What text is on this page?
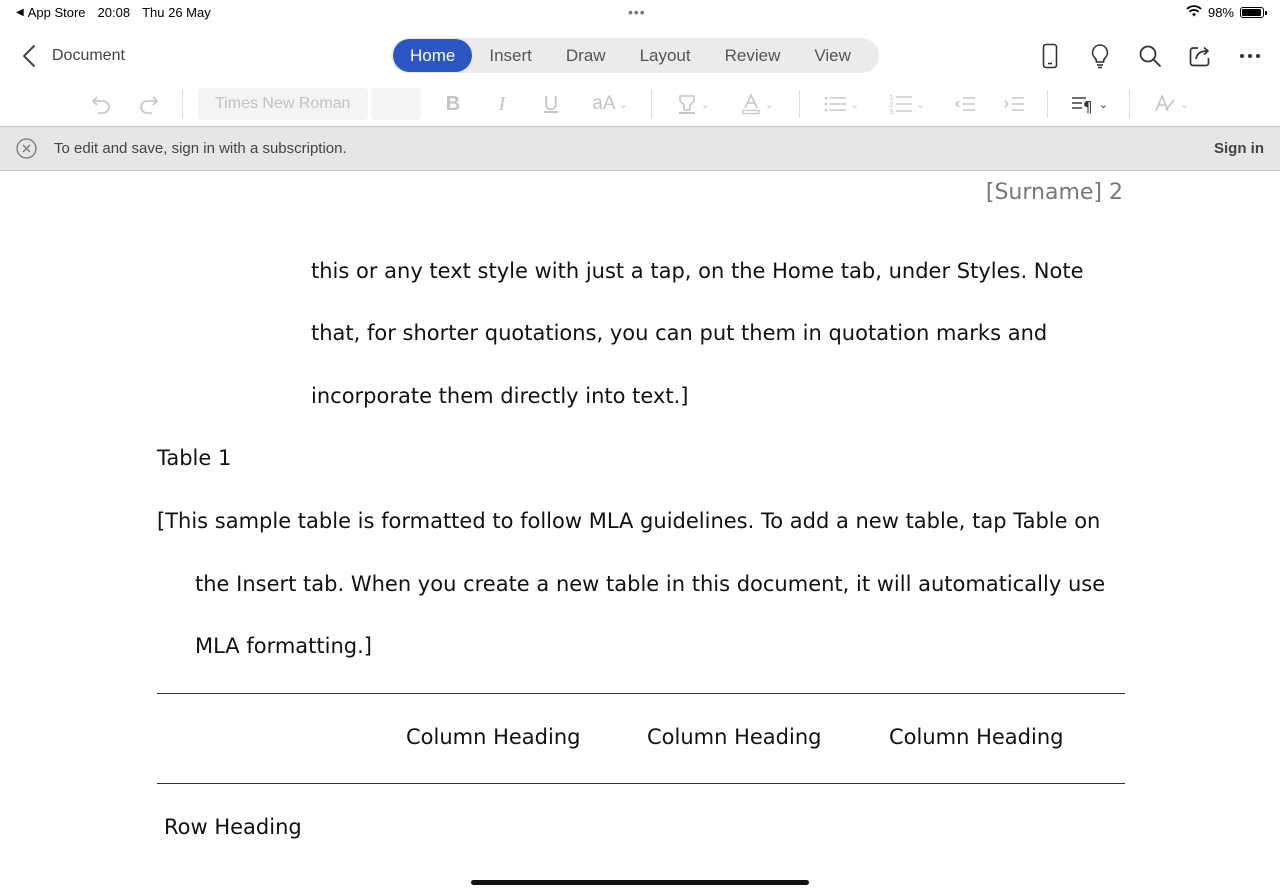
◀ App Store 20:08 Thu 26 May	•••	98%
Document	Home	Insert	Draw	Layout	Review	View
Times New Roman	B	I	U	aA ⌄	⌄	⌄	⌄
1
2
3
⌄	¶ ⌄	⌄
To edit and save, sign in with a subscription.	Sign in
[Surname] 2
this or any text style with just a tap, on the Home tab, under Styles. Note
that, for shorter quotations, you can put them in quotation marks and
incorporate them directly into text.]
Table 1
[This sample table is formatted to follow MLA guidelines. To add a new table, tap Table on
the Insert tab. When you create a new table in this document, it will automatically use
MLA formatting.]
Column Heading	Column Heading	Column Heading
Row Heading
